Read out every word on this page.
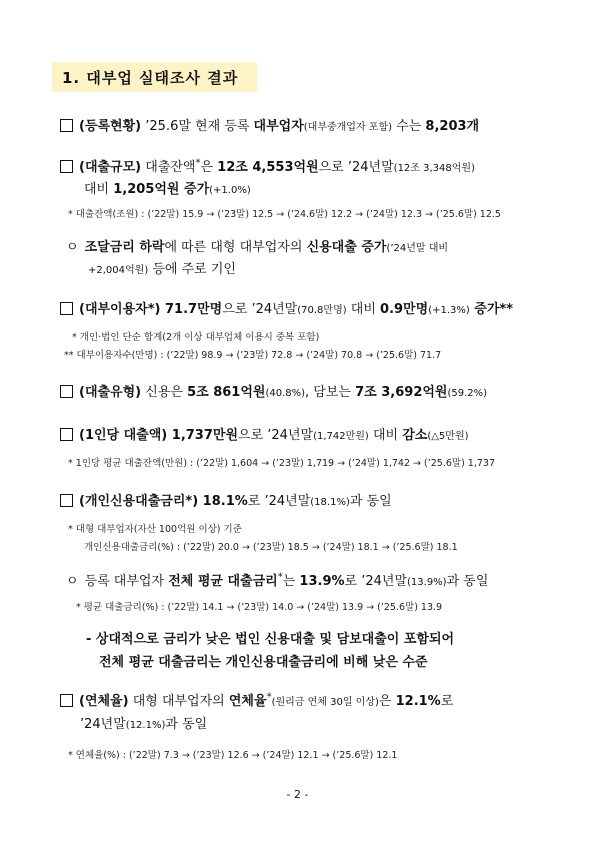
1. 대부업 실태조사 결과
(등록현황) ’25.6말 현재 등록 대부업자(대부중개업자 포함) 수는 8,203개
(대출규모) 대출잔액*은 12조 4,553억원으로 ’24년말(12조 3,348억원)
대비 1,205억원 증가(+1.0%)
* 대출잔액(조원) : (’22말) 15.9 → (’23말) 12.5 → (’24.6말) 12.2 → (’24말) 12.3 → (’25.6말) 12.5
ㅇ 조달금리 하락에 따른 대형 대부업자의 신용대출 증가(’24년말 대비
+2,004억원) 등에 주로 기인
(대부이용자*) 71.7만명으로 ’24년말(70.8만명) 대비 0.9만명(+1.3%) 증가**
* 개인·법인 단순 합계(2개 이상 대부업체 이용시 중복 포함)
** 대부이용자수(만명) : (’22말) 98.9 → (’23말) 72.8 → (’24말) 70.8 → (’25.6말) 71.7
(대출유형) 신용은 5조 861억원(40.8%), 담보는 7조 3,692억원(59.2%)
(1인당 대출액) 1,737만원으로 ’24년말(1,742만원) 대비 감소(△5만원)
* 1인당 평균 대출잔액(만원) : (’22말) 1,604 → (’23말) 1,719 → (’24말) 1,742 → (’25.6말) 1,737
(개인신용대출금리*) 18.1%로 ’24년말(18.1%)과 동일
* 대형 대부업자(자산 100억원 이상) 기준
개인신용대출금리(%) : (’22말) 20.0 → (’23말) 18.5 → (’24말) 18.1 → (’25.6말) 18.1
ㅇ 등록 대부업자 전체 평균 대출금리*는 13.9%로 ’24년말(13.9%)과 동일
* 평균 대출금리(%) : (’22말) 14.1 → (’23말) 14.0 → (’24말) 13.9 → (’25.6말) 13.9
- 상대적으로 금리가 낮은 법인 신용대출 및 담보대출이 포함되어
전체 평균 대출금리는 개인신용대출금리에 비해 낮은 수준
(연체율) 대형 대부업자의 연체율*(원리금 연체 30일 이상)은 12.1%로
’24년말(12.1%)과 동일
* 연체율(%) : (’22말) 7.3 → (’23말) 12.6 → (’24말) 12.1 → (’25.6말) 12.1
- 2 -
